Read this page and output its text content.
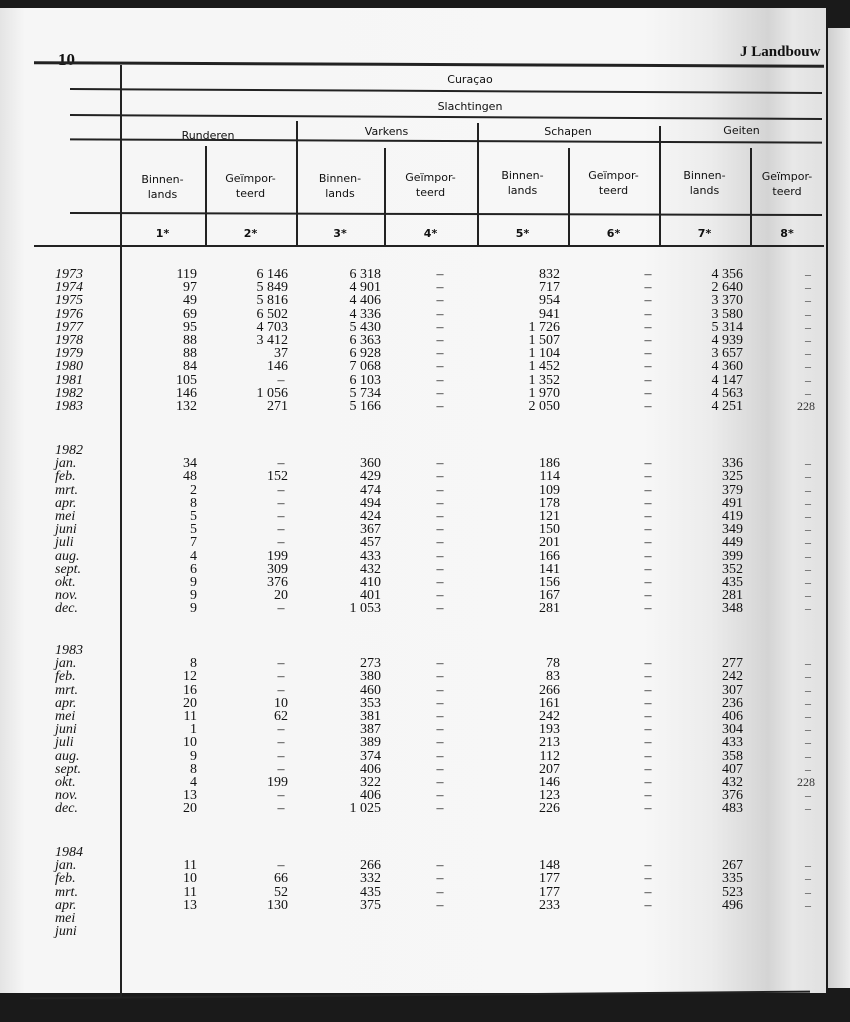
10	J Landbouw
Curaçao
Slachtingen
Runderen	Varkens	Schapen	Geiten
Binnen-
lands
1*
Geïmpor-
teerd
2*
Binnen-
lands
3*
Geïmpor-
teerd
4*
Binnen-
lands
5*
Geïmpor-
teerd
6*
Binnen-
lands
7*
Geïmpor-
teerd
8*
1973	119	6 146	6 318	–	832	–	4 356	–
1974	97	5 849	4 901	–	717	–	2 640	–
1975	49	5 816	4 406	–	954	–	3 370	–
1976	69	6 502	4 336	–	941	–	3 580	–
1977	95	4 703	5 430	–	1 726	–	5 314	–
1978	88	3 412	6 363	–	1 507	–	4 939	–
1979	88	37	6 928	–	1 104	–	3 657	–
1980	84	146	7 068	–	1 452	–	4 360	–
1981	105	–	6 103	–	1 352	–	4 147	–
1982	146	1 056	5 734	–	1 970	–	4 563	–
1983	132	271	5 166	–	2 050	–	4 251	228
1982
jan.	34	–	360	–	186	–	336	–
feb.	48	152	429	–	114	–	325	–
mrt.	2	–	474	–	109	–	379	–
apr.	8	–	494	–	178	–	491	–
mei	5	–	424	–	121	–	419	–
juni	5	–	367	–	150	–	349	–
juli	7	–	457	–	201	–	449	–
aug.	4	199	433	–	166	–	399	–
sept.	6	309	432	–	141	–	352	–
okt.	9	376	410	–	156	–	435	–
nov.	9	20	401	–	167	–	281	–
dec.	9	–	1 053	–	281	–	348	–
1983
jan.	8	–	273	–	78	–	277	–
feb.	12	–	380	–	83	–	242	–
mrt.	16	–	460	–	266	–	307	–
apr.	20	10	353	–	161	–	236	–
mei	11	62	381	–	242	–	406	–
juni	1	–	387	–	193	–	304	–
juli	10	–	389	–	213	–	433	–
aug.	9	–	374	–	112	–	358	–
sept.	8	–	406	–	207	–	407	–
okt.	4	199	322	–	146	–	432	228
nov.	13	–	406	–	123	–	376	–
dec.	20	–	1 025	–	226	–	483	–
1984
jan.	11	–	266	–	148	–	267	–
feb.	10	66	332	–	177	–	335	–
mrt.	11	52	435	–	177	–	523	–
apr.	13	130	375	–	233	–	496	–
mei
juni
